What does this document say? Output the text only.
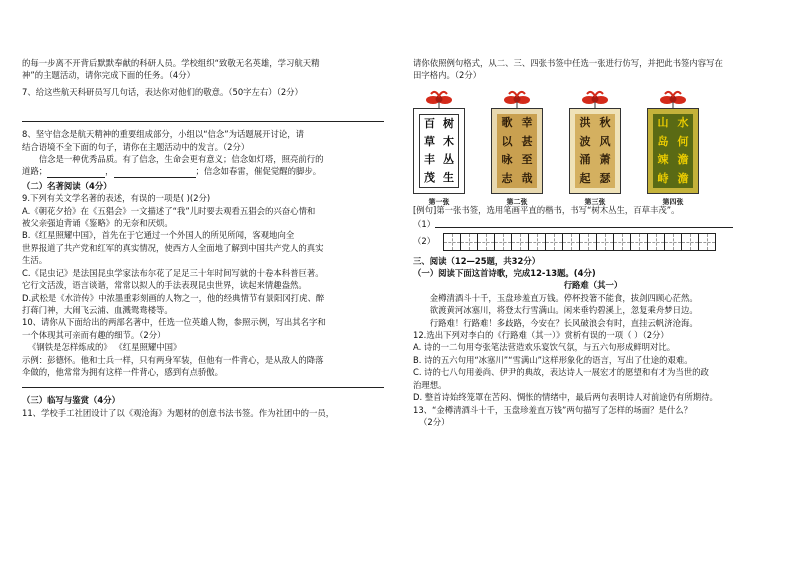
的每一步离不开背后默默奉献的科研人员。学校组织“致敬无名英雄，学习航天精

神”的主题活动，请你完成下面的任务。（4分）

7、给这些航天科研员写几句话，表达你对他们的敬意。（50字左右）（2分）

8、坚守信念是航天精神的重要组成部分，小组以“信念”为话题展开讨论，请

结合语境不全下面的句子，请你在主题活动中的发言。（2分）

信念是一种优秀品质。有了信念，生命会更有意义；信念如灯塔，照亮前行的

道路；	，	；信念如春雷，催促觉醒的脚步。

（二）名著阅读（4分）

9.下列有关文学名著的表述，有误的一项是( )(2分)

A.《朝花夕拾》在《五猖会》一文描述了“我”儿时要去观看五猖会的兴奋心情和

被父亲强迫背诵《鉴略》的无奈和厌烦。

B.《红星照耀中国》，首先在于它通过一个外国人的所见所闻，客观地向全

世界报道了共产党和红军的真实情况，使西方人全面地了解到中国共产党人的真实

生活。

C.《昆虫记》是法国昆虫学家法布尔花了足足三十年时间写就的十卷本科普巨著。

它行文活泼，语言谈谐，常常以拟人的手法表现昆虫世界，读起来情趣盎然。

D.武松是《水浒传》中浓墨重彩刻画的人物之一，他的经典情节有景阳冈打虎、醉

打蒋门神，大闹飞云浦、血溅鸳鸯楼等。

10、请你从下面给出的两部名著中，任选一位英雄人物，参照示例，写出其名字和

一个体现其可亲而有趣的细节。（2分）

《钢铁是怎样炼成的》 《红星照耀中国》

示例：彭德怀。他和士兵一样，只有两身军装，但他有一件背心，是从敌人的降落

伞做的，他常常为拥有这样一件背心，感到有点骄傲。

（三）临写与鉴赏（4分）

11、学校手工社团设计了以《观沧海》为题材的创意书法书签。作为社团中的一员，

请你依照例句格式，从二、三、四张书签中任选一张进行仿写，并把此书签内容写在

田字格内。（2分）

树
木
丛
生
百
草
丰
茂
第一张
幸
甚
至
哉
歌
以
咏
志
第二张
秋
风
萧
瑟
洪
波
涌
起
第三张
水
何
澹
澹
山
岛
竦
峙
第四张

[例句]第一张书签，选用笔画平直的楷书，书写“树木丛生，百草丰茂”。

（1）
（2）

三、阅读（12—25题，共32分）

（一）阅读下面这首诗歌，完成12-13题。(4分)

行路难（其一）

金樽清酒斗十千，玉盘珍羞直万钱。停杯投箸不能食，拔剑四顾心茫然。

欲渡黄河冰塞川，将登太行雪满山。闲来垂钓碧溪上，忽复乘舟梦日边。

行路难！行路难！多歧路，今安在？长风破浪会有时，直挂云帆济沧海。

12.选出下列对李白的《行路难（其一）》赏析有误的一项（ ）（2分）

A. 诗的一二句用夸张笔法营造欢乐宴饮气氛，与五六句形成鲜明对比。

B. 诗的五六句用“冰塞川”“雪满山”这样形象化的语言，写出了仕途的艰难。

C. 诗的七八句用姜尚、伊尹的典故，表达诗人一展宏才的愿望和有才为当世的政

治理想。

D. 整首诗始终笼罩在苦闷、惆怅的情绪中，最后两句表明诗人对前途仍有所期待。

13、“金樽清酒斗十千，玉盘珍羞直万钱”两句描写了怎样的场面？是什么？

（2分）
